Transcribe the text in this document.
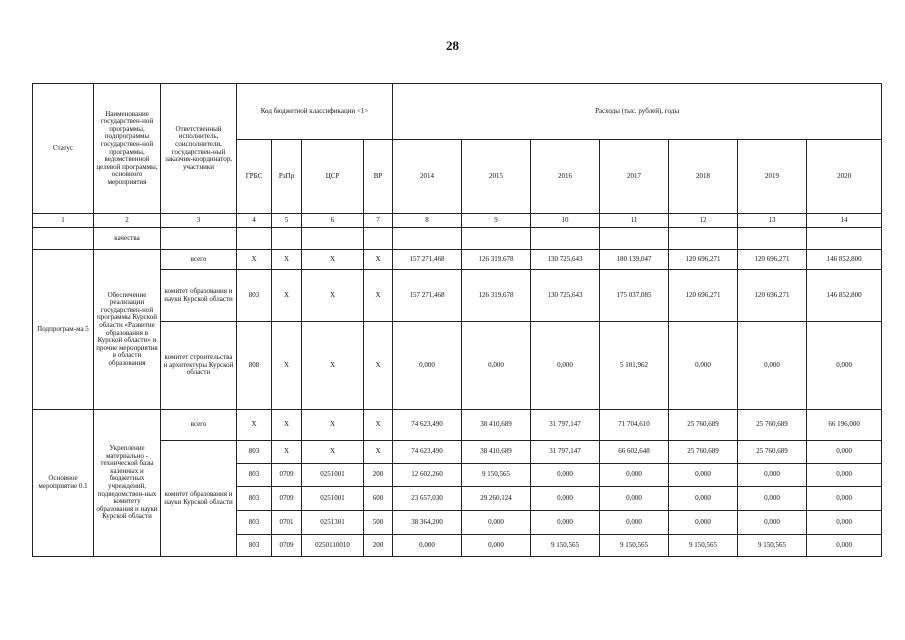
28
Статус	Наименование государствен-ной программы, подпрограммы государствен-ной программы, ведомственной целевой программы, основного мероприятия	Ответственный исполнитель, соисполнители, государствен-ный заказчик-координатор, участники	Код бюджетной классификации <1>				Расходы (тыс. рублей), годы						
			ГРБС	РзПр	ЦСР	ВР	2014	2015	2016	2017	2018	2019	2020
1	2	3	4	5	6	7	8	9	10	11	12	13	14
	качества												
Подпрограм-ма 5	Обеспечение реализации государствен-ной программы Курской области «Развитие образования в Курской области» и прочие мероприятия в области образования	всего	Х	Х	Х	Х	157 271,468	126 319,678	130 725,643	180 139,047	120 696,271	120 696,271	146 852,800
		комитет образования и науки Курской области	803	Х	Х	Х	157 271,468	126 319,678	130 725,643	175 037,085	120 696,271	120 696,271	146 852,800
		комитет строительства и архитектуры Курской области	808	Х	Х	Х	0,000	0,000	0,000	5 101,962	0,000	0,000	0,000
Основное мероприятие 0.1	Укрепление материально - технической базы казенных и бюджетных учреждений, подведомствен-ных комитету образования и науки Курской области	всего	Х	Х	Х	Х	74 623,490	38 410,689	31 797,147	71 704,610	25 760,689	25 760,689	66 196,000
		комитет образования и науки Курской области	803	Х	Х	Х	74 623,490	38 410,689	31 797,147	66 602,648	25 760,689	25 760,689	0,000
			803	0709	0251001	200	12 602,260	9 150,565	0,000	0,000	0,000	0,000	0,000
			803	0709	0251001	600	23 657,030	29 260,124	0,000	0,000	0,000	0,000	0,000
			803	0701	0251301	500	38 364,200	0,000	0,000	0,000	0,000	0,000	0,000
			803	0709	0250110010	200	0,000	0,000	9 150,565	9 150,565	9 150,565	9 150,565	0,000
